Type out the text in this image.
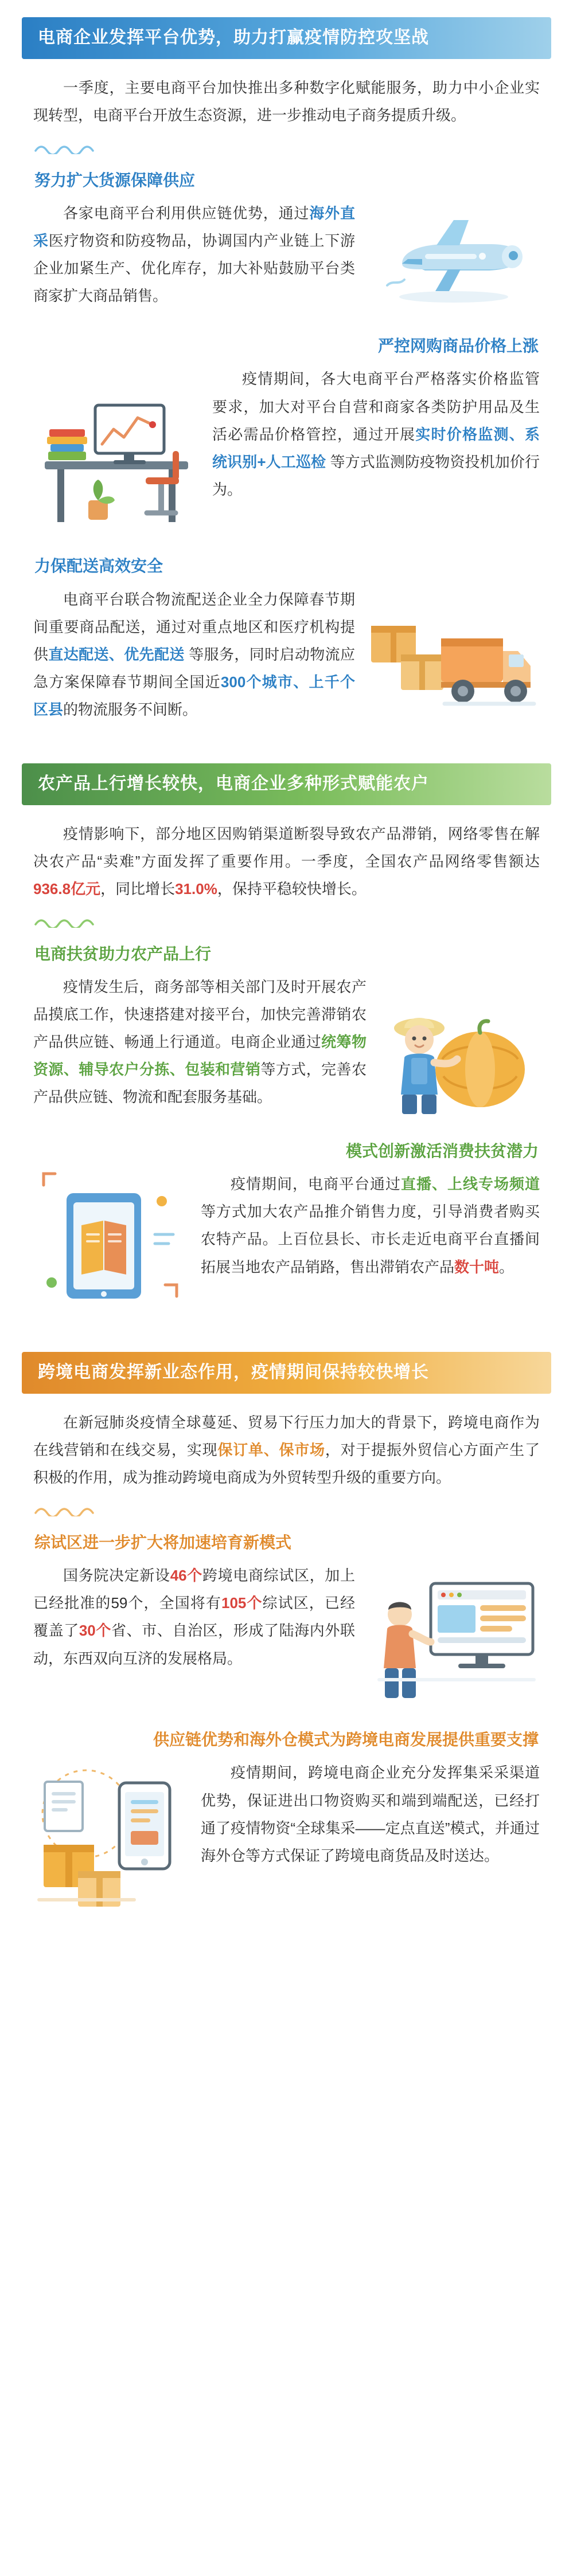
电商企业发挥平台优势，助力打赢疫情防控攻坚战

一季度，主要电商平台加快推出多种数字化赋能服务，助力中小企业实现转型，电商平台开放生态资源，进一步推动电子商务提质升级。

努力扩大货源保障供应

各家电商平台利用供应链优势，通过海外直采医疗物资和防疫物品，协调国内产业链上下游企业加紧生产、优化库存，加大补贴鼓励平台类商家扩大商品销售。

严控网购商品价格上涨

疫情期间，各大电商平台严格落实价格监管要求，加大对平台自营和商家各类防护用品及生活必需品价格管控，通过开展实时价格监测、系统识别+人工巡检 等方式监测防疫物资投机加价行为。

力保配送高效安全

电商平台联合物流配送企业全力保障春节期间重要商品配送，通过对重点地区和医疗机构提供直达配送、优先配送 等服务，同时启动物流应急方案保障春节期间全国近300个城市、上千个区县的物流服务不间断。

农产品上行增长较快，电商企业多种形式赋能农户

疫情影响下，部分地区因购销渠道断裂导致农产品滞销，网络零售在解决农产品“卖难”方面发挥了重要作用。一季度，全国农产品网络零售额达936.8亿元，同比增长31.0%，保持平稳较快增长。

电商扶贫助力农产品上行

疫情发生后，商务部等相关部门及时开展农产品摸底工作，快速搭建对接平台，加快完善滞销农产品供应链、畅通上行通道。电商企业通过统筹物资源、辅导农户分拣、包装和营销等方式，完善农产品供应链、物流和配套服务基础。

模式创新激活消费扶贫潜力

疫情期间，电商平台通过直播、上线专场频道等方式加大农产品推介销售力度，引导消费者购买农特产品。上百位县长、市长走近电商平台直播间拓展当地农产品销路，售出滞销农产品数十吨。

跨境电商发挥新业态作用，疫情期间保持较快增长

在新冠肺炎疫情全球蔓延、贸易下行压力加大的背景下，跨境电商作为在线营销和在线交易，实现保订单、保市场，对于提振外贸信心方面产生了积极的作用，成为推动跨境电商成为外贸转型升级的重要方向。

综试区进一步扩大将加速培育新模式

国务院决定新设46个跨境电商综试区，加上已经批准的59个，全国将有105个综试区，已经覆盖了30个省、市、自治区，形成了陆海内外联动，东西双向互济的发展格局。

供应链优势和海外仓模式为跨境电商发展提供重要支撑

疫情期间，跨境电商企业充分发挥集采采渠道优势，保证进出口物资购买和端到端配送，已经打通了疫情物资“全球集采——定点直送”模式，并通过海外仓等方式保证了跨境电商货品及时送达。
